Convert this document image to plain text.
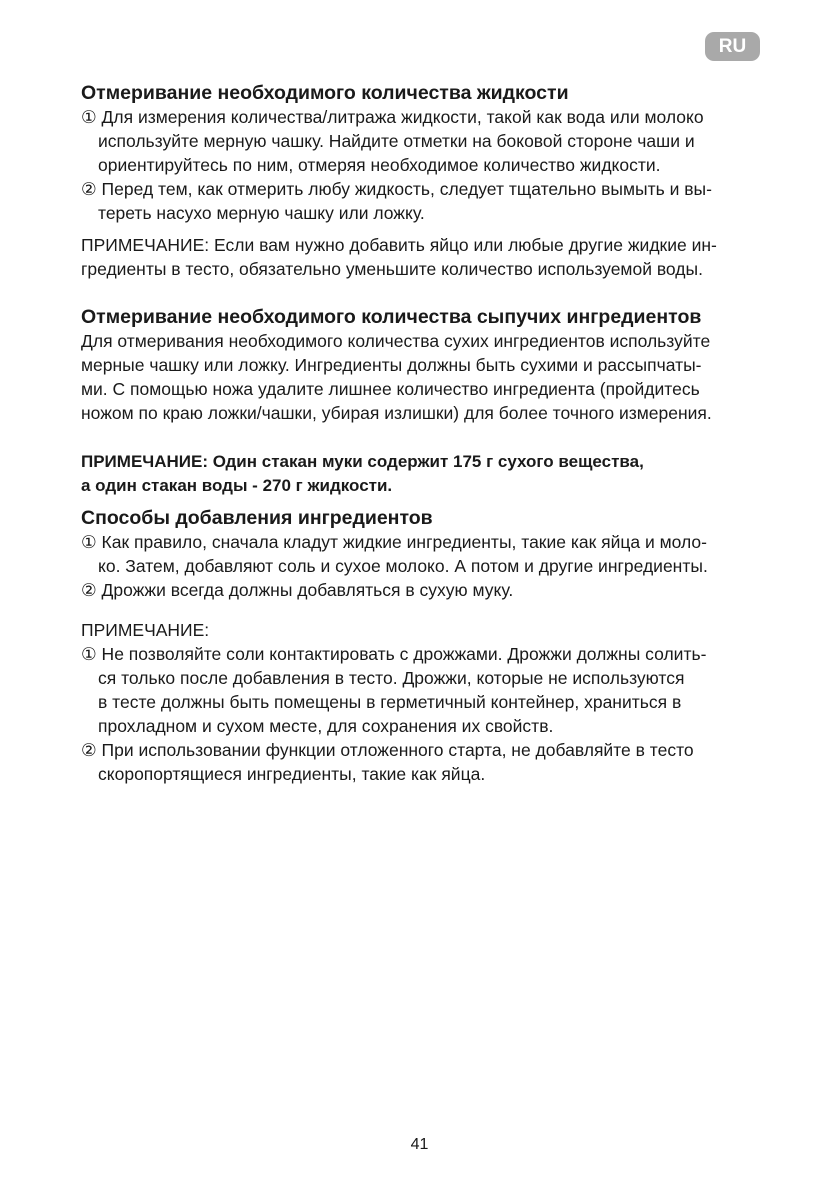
RU
Отмеривание необходимого количества жидкости
① Для измерения количества/литража жидкости, такой как вода или молоко
используйте мерную чашку. Найдите отметки на боковой стороне чаши и
ориентируйтесь по ним, отмеряя необходимое количество жидкости.
② Перед тем, как отмерить любу жидкость, следует тщательно вымыть и вы-
тереть насухо мерную чашку или ложку.
ПРИМЕЧАНИЕ: Если вам нужно добавить яйцо или любые другие жидкие ин-
гредиенты в тесто, обязательно уменьшите количество используемой воды.
Отмеривание необходимого количества сыпучих ингредиентов
Для отмеривания необходимого количества сухих ингредиентов используйте
мерные чашку или ложку. Ингредиенты должны быть сухими и рассыпчаты-
ми. С помощью ножа удалите лишнее количество ингредиента (пройдитесь
ножом по краю ложки/чашки, убирая излишки) для более точного измерения.
ПРИМЕЧАНИЕ: Один стакан муки содержит 175 г сухого вещества,
а один стакан воды - 270 г жидкости.
Способы добавления ингредиентов
① Как правило, сначала кладут жидкие ингредиенты, такие как яйца и моло-
ко. Затем, добавляют соль и сухое молоко. А потом и другие ингредиенты.
② Дрожжи всегда должны добавляться в сухую муку.
ПРИМЕЧАНИЕ:
① Не позволяйте соли контактировать с дрожжами. Дрожжи должны солить-
ся только после добавления в тесто. Дрожжи, которые не используются
в тесте должны быть помещены в герметичный контейнер, храниться в
прохладном и сухом месте, для сохранения их свойств.
② При использовании функции отложенного старта, не добавляйте в тесто
скоропортящиеся ингредиенты, такие как яйца.
41
